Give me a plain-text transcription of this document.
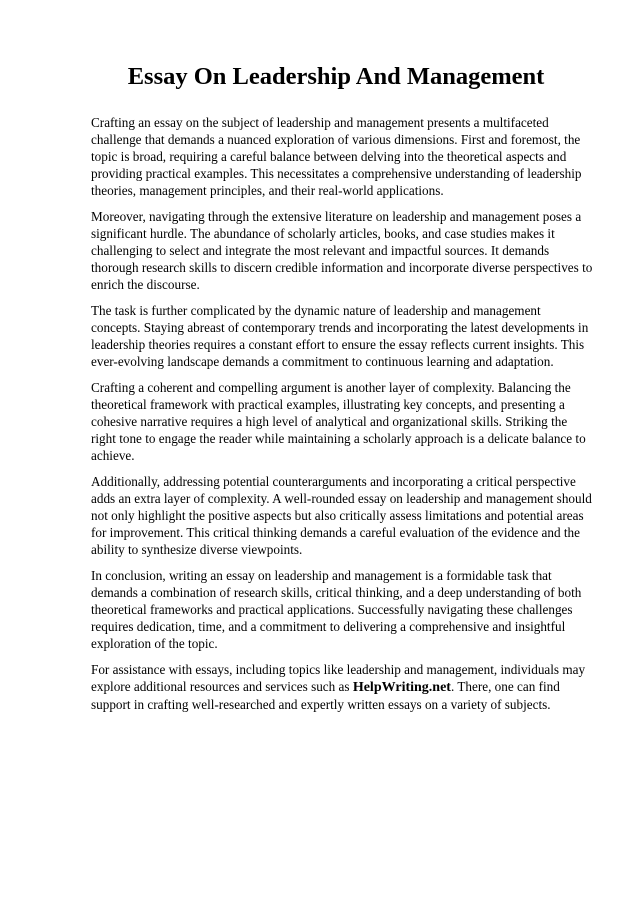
Essay On Leadership And Management

Crafting an essay on the subject of leadership and management presents a multifaceted challenge that demands a nuanced exploration of various dimensions. First and foremost, the topic is broad, requiring a careful balance between delving into the theoretical aspects and providing practical examples. This necessitates a comprehensive understanding of leadership theories, management principles, and their real-world applications.

Moreover, navigating through the extensive literature on leadership and management poses a significant hurdle. The abundance of scholarly articles, books, and case studies makes it challenging to select and integrate the most relevant and impactful sources. It demands thorough research skills to discern credible information and incorporate diverse perspectives to enrich the discourse.

The task is further complicated by the dynamic nature of leadership and management concepts. Staying abreast of contemporary trends and incorporating the latest developments in leadership theories requires a constant effort to ensure the essay reflects current insights. This ever-evolving landscape demands a commitment to continuous learning and adaptation.

Crafting a coherent and compelling argument is another layer of complexity. Balancing the theoretical framework with practical examples, illustrating key concepts, and presenting a cohesive narrative requires a high level of analytical and organizational skills. Striking the right tone to engage the reader while maintaining a scholarly approach is a delicate balance to achieve.

Additionally, addressing potential counterarguments and incorporating a critical perspective adds an extra layer of complexity. A well-rounded essay on leadership and management should not only highlight the positive aspects but also critically assess limitations and potential areas for improvement. This critical thinking demands a careful evaluation of the evidence and the ability to synthesize diverse viewpoints.

In conclusion, writing an essay on leadership and management is a formidable task that demands a combination of research skills, critical thinking, and a deep understanding of both theoretical frameworks and practical applications. Successfully navigating these challenges requires dedication, time, and a commitment to delivering a comprehensive and insightful exploration of the topic.

For assistance with essays, including topics like leadership and management, individuals may explore additional resources and services such as HelpWriting.net. There, one can find support in crafting well-researched and expertly written essays on a variety of subjects.
